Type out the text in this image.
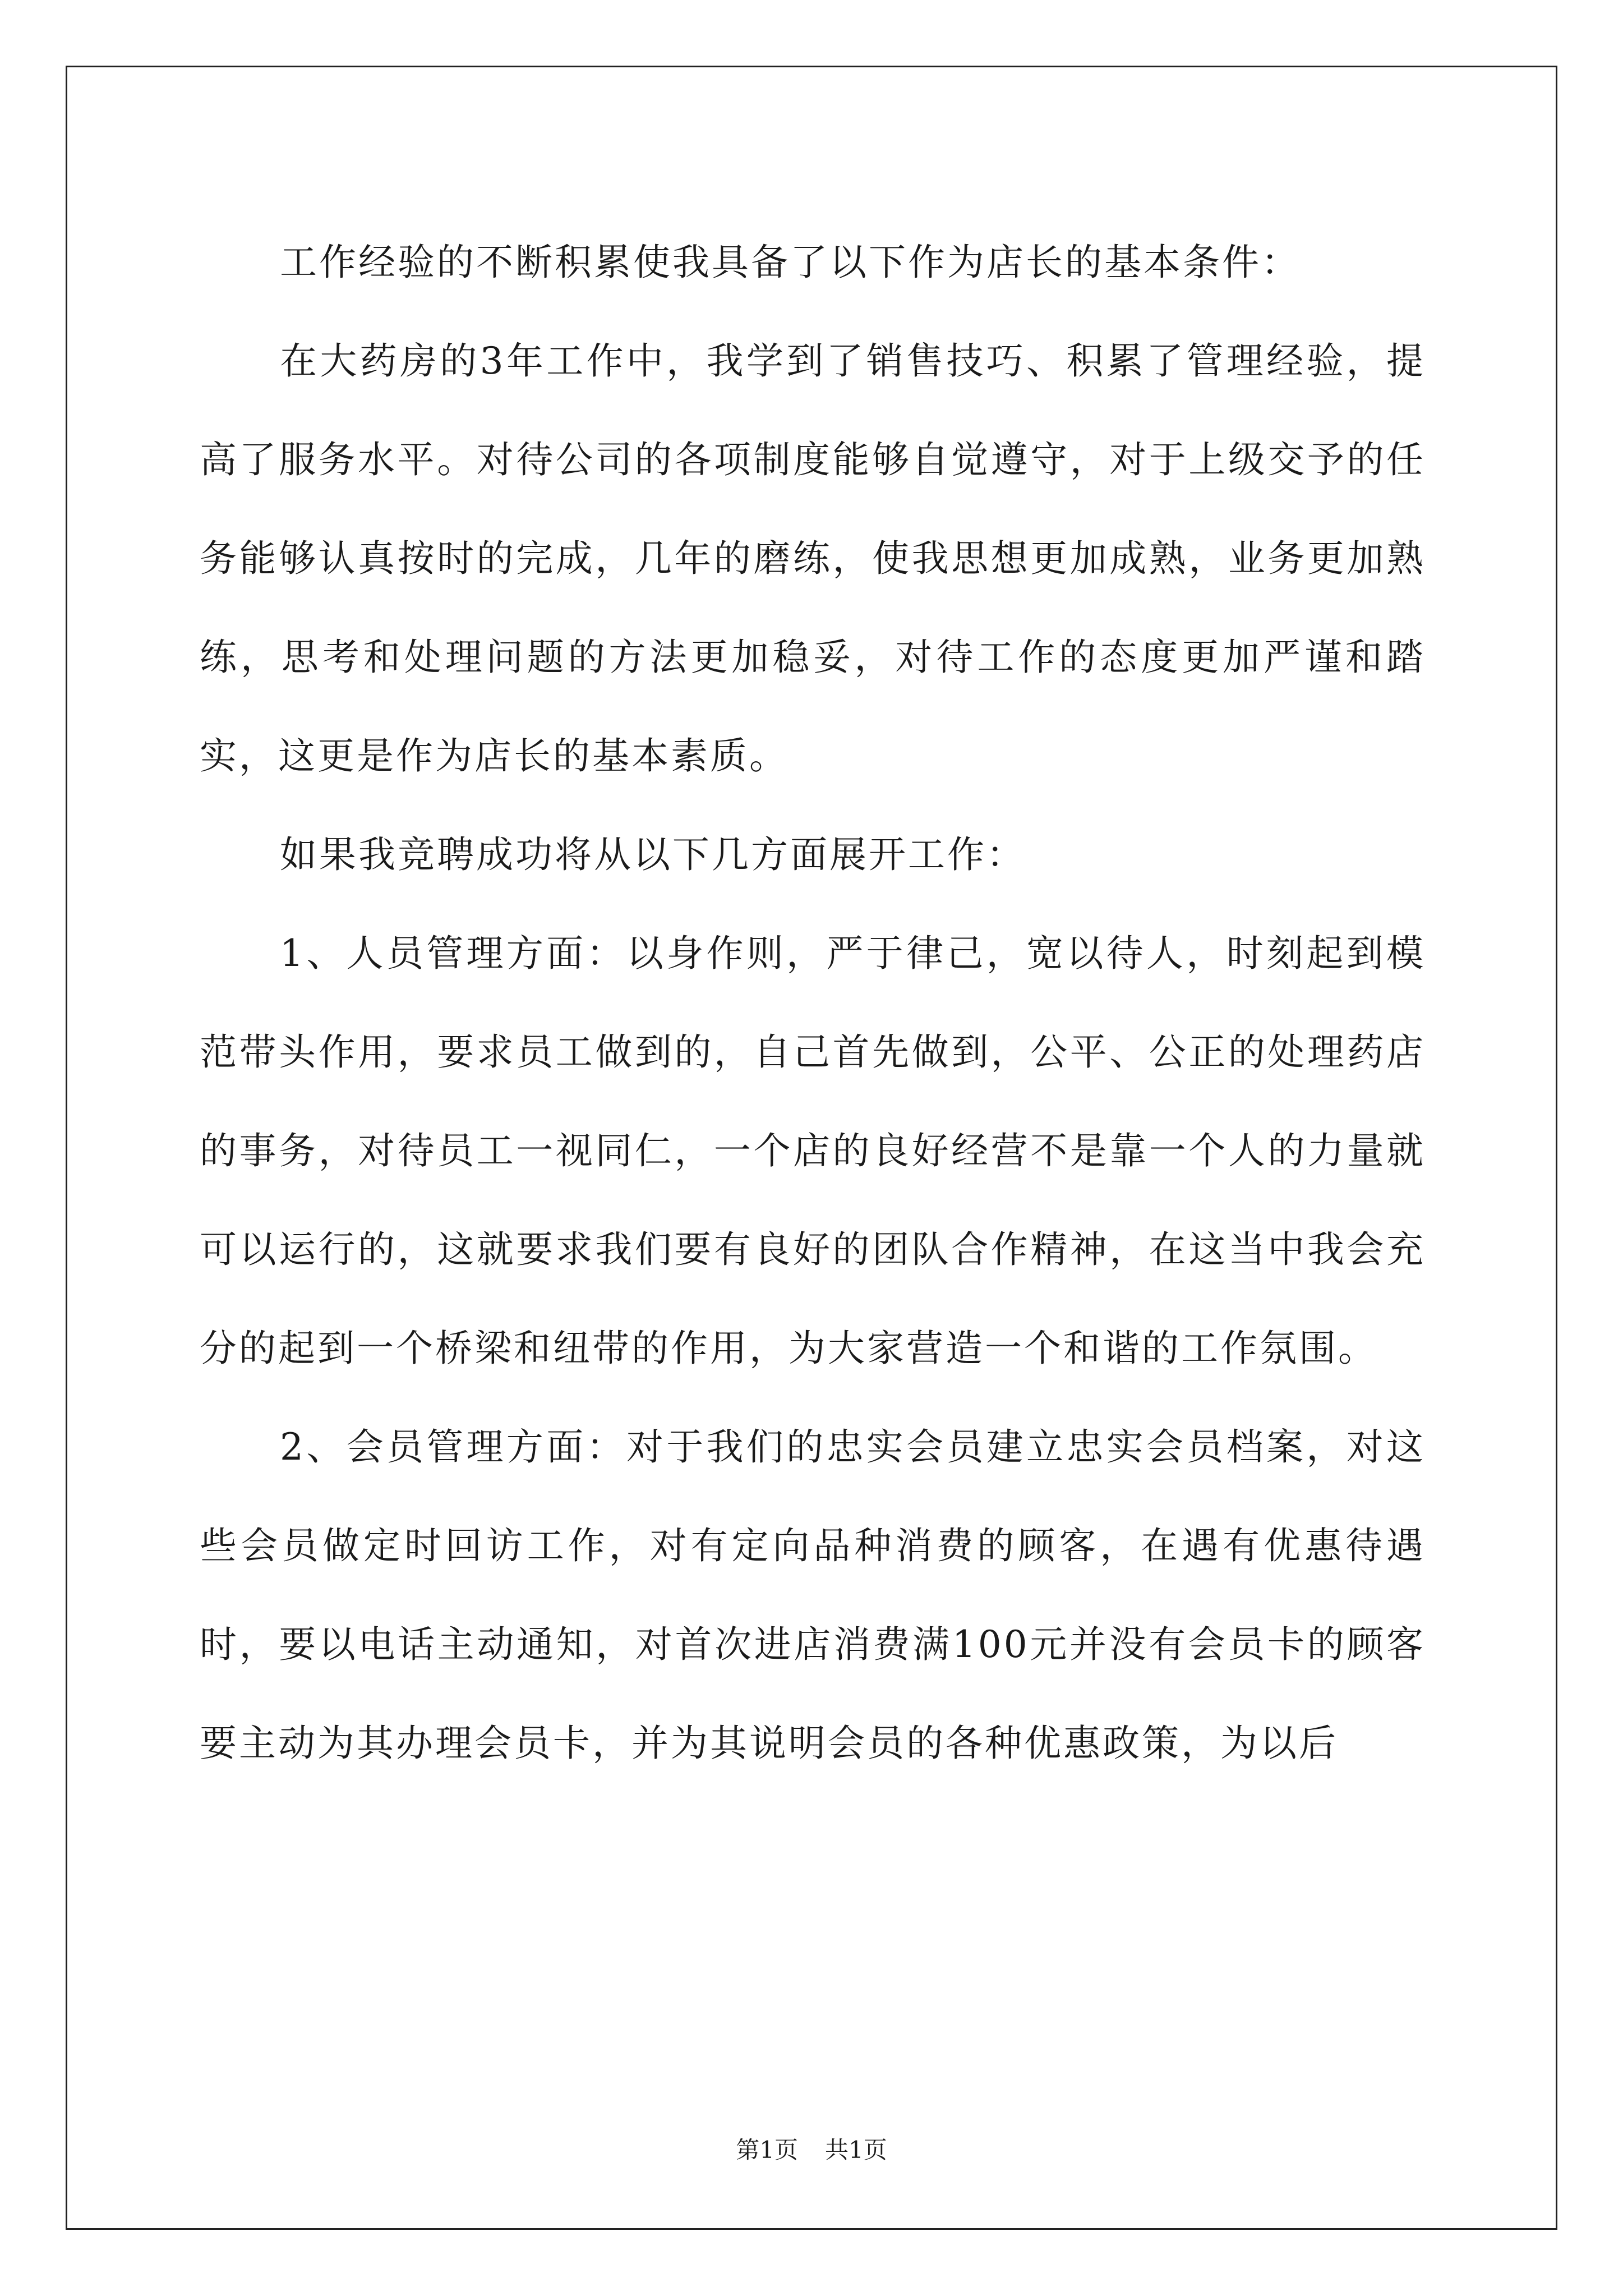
工作经验的不断积累使我具备了以下作为店长的基本条件：

在大药房的3年工作中，我学到了销售技巧、积累了管理经验，提高了服务水平。对待公司的各项制度能够自觉遵守，对于上级交予的任务能够认真按时的完成，几年的磨练，使我思想更加成熟，业务更加熟练，思考和处理问题的方法更加稳妥，对待工作的态度更加严谨和踏实，这更是作为店长的基本素质。

如果我竞聘成功将从以下几方面展开工作：

1、人员管理方面：以身作则，严于律己，宽以待人，时刻起到模范带头作用，要求员工做到的，自己首先做到，公平、公正的处理药店的事务，对待员工一视同仁，一个店的良好经营不是靠一个人的力量就可以运行的，这就要求我们要有良好的团队合作精神，在这当中我会充分的起到一个桥梁和纽带的作用，为大家营造一个和谐的工作氛围。

2、会员管理方面：对于我们的忠实会员建立忠实会员档案，对这些会员做定时回访工作，对有定向品种消费的顾客，在遇有优惠待遇时，要以电话主动通知，对首次进店消费满100元并没有会员卡的顾客要主动为其办理会员卡，并为其说明会员的各种优惠政策，为以后

第1页 共1页
